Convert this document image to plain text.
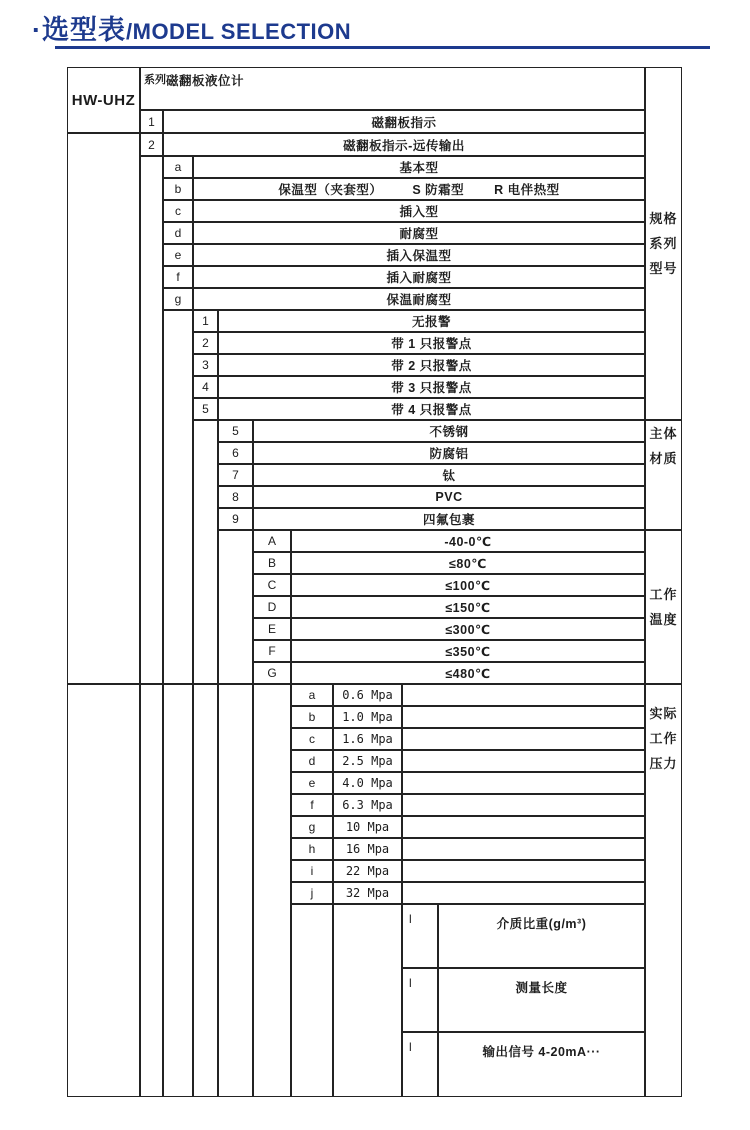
·选型表 /MODEL SELECTION
HW-UHZ
系列 磁翻板液位计
1	磁翻板指示
2	磁翻板指示-远传输出
a	基本型
b	保温型（夹套型） S 防霜型 R 电伴热型
c	插入型
d	耐腐型
e	插入保温型
f	插入耐腐型
g	保温耐腐型
1	无报警
2	带 1 只报警点
3	带 2 只报警点
4	带 3 只报警点
5	带 4 只报警点
5	不锈钢
6	防腐铝
7	钛
8	PVC
9	四氟包裹
A	-40-0℃
B	≤80℃
C	≤100℃
D	≤150℃
E	≤300℃
F	≤350℃
G	≤480℃
a	0.6 Mpa
b	1.0 Mpa
c	1.6 Mpa
d	2.5 Mpa
e	4.0 Mpa
f	6.3 Mpa
g	10 Mpa
h	16 Mpa
i	22 Mpa
j	32 Mpa
l	介质比重(g/m³)
l	测量长度
l	输出信号 4-20mA···
规格
系列
型号
主体
材质
工作
温度
实际
工作
压力
